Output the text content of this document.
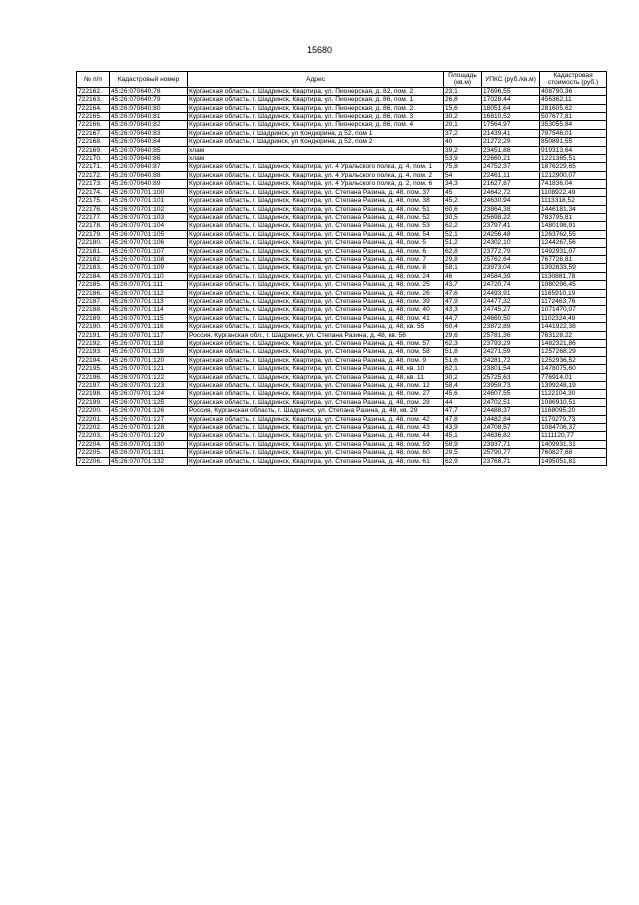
15680
№ п/п	Кадастровый номер	Адрес	Площадь (кв.м)	УПКС (руб./кв.м)	Кадастровая стоимость (руб.)
722162.	45:26:070640:78	Курганская область, г. Шадринск, Квартира, ул. Пионерская, д. 82, пом. 2	23,1	17696,55	408790,36
722163.	45:26:070640:79	Курганская область, г. Шадринск, Квартира, ул. Пионерская, д. 86, пом. 1	26,8	17028,44	456362,11
722164.	45:26:070640:80	Курганская область, г. Шадринск, Квартира, ул. Пионерская, д. 86, пом. 2	15,6	18051,64	281605,62
722165.	45:26:070640:81	Курганская область, г. Шадринск, Квартира, ул. Пионерская, д. 86, пом. 3	30,2	16810,52	507677,81
722166.	45:26:070640:82	Курганская область, г. Шадринск, Квартира, ул. Пионерская, д. 86, пом. 4	20,1	17564,97	353055,84
722167.	45:26:070640:83	Курганская область, г Шадринск, ул Кондюрина, д 52, пом 1	37,2	21439,41	797546,01
722168.	45:26:070640:84	Курганская область, г Шадринск, ул Кондюрина, д 52, пом 2	40	21272,29	850891,55
722169.	45:26:070640:85	хлам	39,2	23451,88	919313,64
722170.	45:26:070640:86	хлам	53,9	22660,21	1221385,51
722171.	45:26:070640:87	Курганская область, г. Шадринск, Квартира, ул. 4 Уральского полка, д. 4, пом. 1	75,8	24752,37	1876229,65
722172.	45:26:070640:88	Курганская область, г. Шадринск, Квартира, ул. 4 Уральского полка, д. 4, пом. 2	54	22461,11	1212900,07
722173.	45:26:070640:89	Курганская область, г. Шадринск, Квартира, ул. 4 Уральского полка, д. 2, пом. 6	34,3	21627,87	741836,04
722174.	45:26:070701:100	Курганская область, г. Шадринск, Квартира, ул. Степана Разина, д. 48, пом. 37	45	24642,72	1108922,49
722175.	45:26:070701:101	Курганская область, г. Шадринск, Квартира, ул. Степана Разина, д. 48, пом. 38	45,2	24630,94	1113318,52
722176.	45:26:070701:102	Курганская область, г. Шадринск, Квартира, ул. Степана Разина, д. 48, пом. 51	60,6	23864,38	1446181,34
722177.	45:26:070701:103	Курганская область, г. Шадринск, Квартира, ул. Степана Разина, д. 48, пом. 52	30,5	25698,22	783795,81
722178.	45:26:070701:104	Курганская область, г. Шадринск, Квартира, ул. Степана Разина, д. 48, пом. 53	62,2	23797,41	1480198,91
722179.	45:26:070701:105	Курганская область, г. Шадринск, Квартира, ул. Степана Разина, д. 48, пом. 54	52,1	24256,48	1263762,55
722180.	45:26:070701:106	Курганская область, г. Шадринск, Квартира, ул. Степана Разина, д. 48, пом. 5	51,2	24302,10	1244267,56
722181.	45:26:070701:107	Курганская область, г. Шадринск, Квартира, ул. Степана Разина, д. 48, пом. 6	62,8	23772,79	1492931,07
722182.	45:26:070701:108	Курганская область, г. Шадринск, Квартира, ул. Степана Разина, д. 48, пом. 7	29,8	25762,64	767726,81
722183.	45:26:070701:109	Курганская область, г. Шадринск, Квартира, ул. Степана Разина, д. 48, пом. 8	58,1	23973,04	1392833,59
722184.	45:26:070701:110	Курганская область, г. Шадринск, Квартира, ул. Степана Разина, д. 48, пом. 24	46	24584,39	1130881,78
722185.	45:26:070701:111	Курганская область, г. Шадринск, Квартира, ул. Степана Разина, д. 48, пом. 25	43,7	24720,74	1080296,45
722186.	45:26:070701:112	Курганская область, г. Шадринск, Квартира, ул. Степана Разина, д. 48, пом. 26	47,6	24493,91	1165910,19
722187.	45:26:070701:113	Курганская область, г. Шадринск, Квартира, ул. Степана Разина, д. 48, пом. 39	47,9	24477,32	1172463,76
722188.	45:26:070701:114	Курганская область, г. Шадринск, Квартира, ул. Степана Разина, д. 48, пом. 40	43,3	24745,27	1071470,07
722189.	45:26:070701:115	Курганская область, г. Шадринск, Квартира, ул. Степана Разина, д. 48, пом. 41	44,7	24660,50	1102324,49
722190.	45:26:070701:116	Курганская область, г. Шадринск, Квартира, ул. Степана Разина, д. 48, кв. 55	60,4	23872,89	1441922,38
722191.	45:26:070701:117	Россия, Курганская обл., г. Шадринск, ул. Степана Разина, д. 48, кв. 56	29,6	25781,36	763128,22
722192.	45:26:070701:118	Курганская область, г. Шадринск, Квартира, ул. Степана Разина, д. 48, пом. 57	62,3	23793,29	1482321,86
722193.	45:26:070701:119	Курганская область, г. Шадринск, Квартира, ул. Степана Разина, д. 48, пом. 58	51,8	24271,59	1257268,29
722194.	45:26:070701:120	Курганская область, г. Шадринск, Квартира, ул. Степана Разина, д. 48, пом. 9	51,6	24281,72	1252936,52
722195.	45:26:070701:121	Курганская область, г. Шадринск, Квартира, ул. Степана Разина, д. 48, кв. 10	62,1	23801,54	1478075,60
722196.	45:26:070701:122	Курганская область, г. Шадринск, Квартира, ул. Степана Разина, д. 48, кв. 11	30,2	25725,63	776914,01
722197.	45:26:070701:123	Курганская область, г. Шадринск, Квартира, ул. Степана Разина, д. 48, пом. 12	58,4	23959,73	1399248,19
722198.	45:26:070701:124	Курганская область, г. Шадринск, Квартира, ул. Степана Разина, д. 48, пом. 27	45,6	24607,55	1122104,30
722199.	45:26:070701:125	Курганская область, г. Шадринск, Квартира, ул. Степана Разина, д. 48, пом. 28	44	24702,51	1086910,51
722200.	45:26:070701:126	Россия, Курганская область, г. Шадринск, ул. Степана Разина, д. 48, кв. 29	47,7	24488,37	1168095,20
722201.	45:26:070701:127	Курганская область, г. Шадринск, Квартира, ул. Степана Разина, д. 48, пом. 42	47,8	24482,84	1170279,73
722202.	45:26:070701:128	Курганская область, г. Шадринск, Квартира, ул. Степана Разина, д. 48, пом. 43	43,9	24708,57	1084706,37
722203.	45:26:070701:129	Курганская область, г. Шадринск, Квартира, ул. Степана Разина, д. 48, пом. 44	45,1	24636,82	1111120,77
722204.	45:26:070701:130	Курганская область, г. Шадринск, Квартира, ул. Степана Разина, д. 48, пом. 59	58,9	23937,71	1409931,31
722205.	45:26:070701:131	Курганская область, г. Шадринск, Квартира, ул. Степана Разина, д. 48, пом. 60	29,5	25790,77	760827,68
722206.	45:26:070701:132	Курганская область, г. Шадринск, Квартира, ул. Степана Разина, д. 48, пом. 61	62,9	23768,71	1495051,81
